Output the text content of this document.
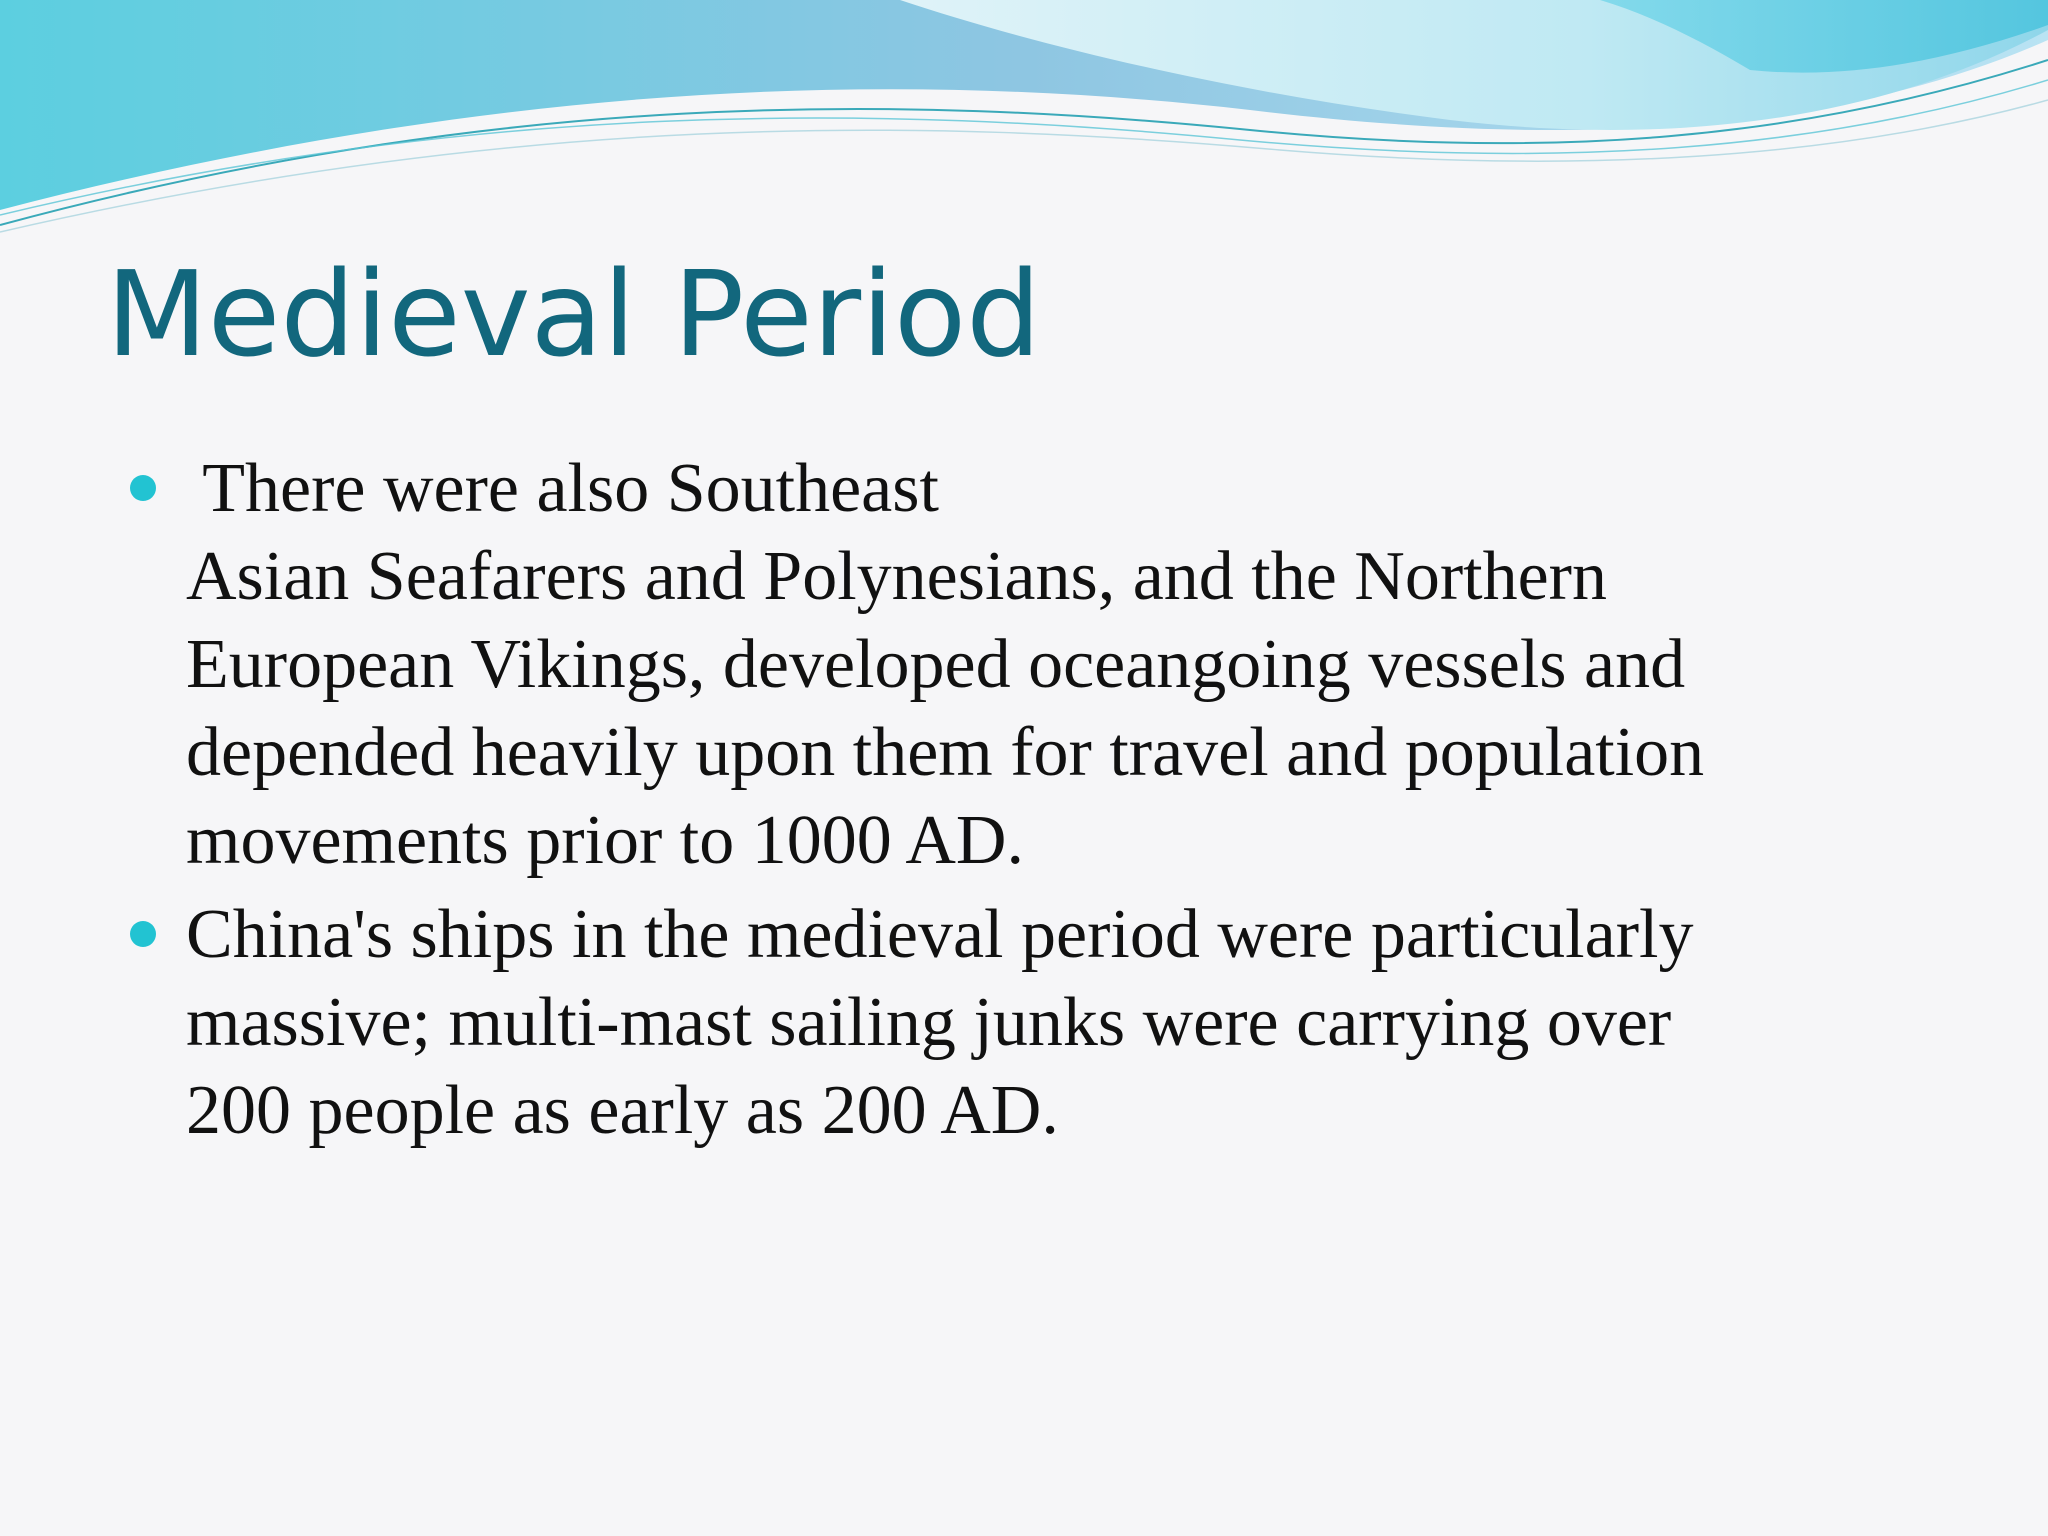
Medieval Period
There were also Southeast
Asian Seafarers and Polynesians, and the Northern
European Vikings, developed oceangoing vessels and
depended heavily upon them for travel and population
movements prior to 1000 AD.
China's ships in the medieval period were particularly
massive; multi-mast sailing junks were carrying over
200 people as early as 200 AD.
